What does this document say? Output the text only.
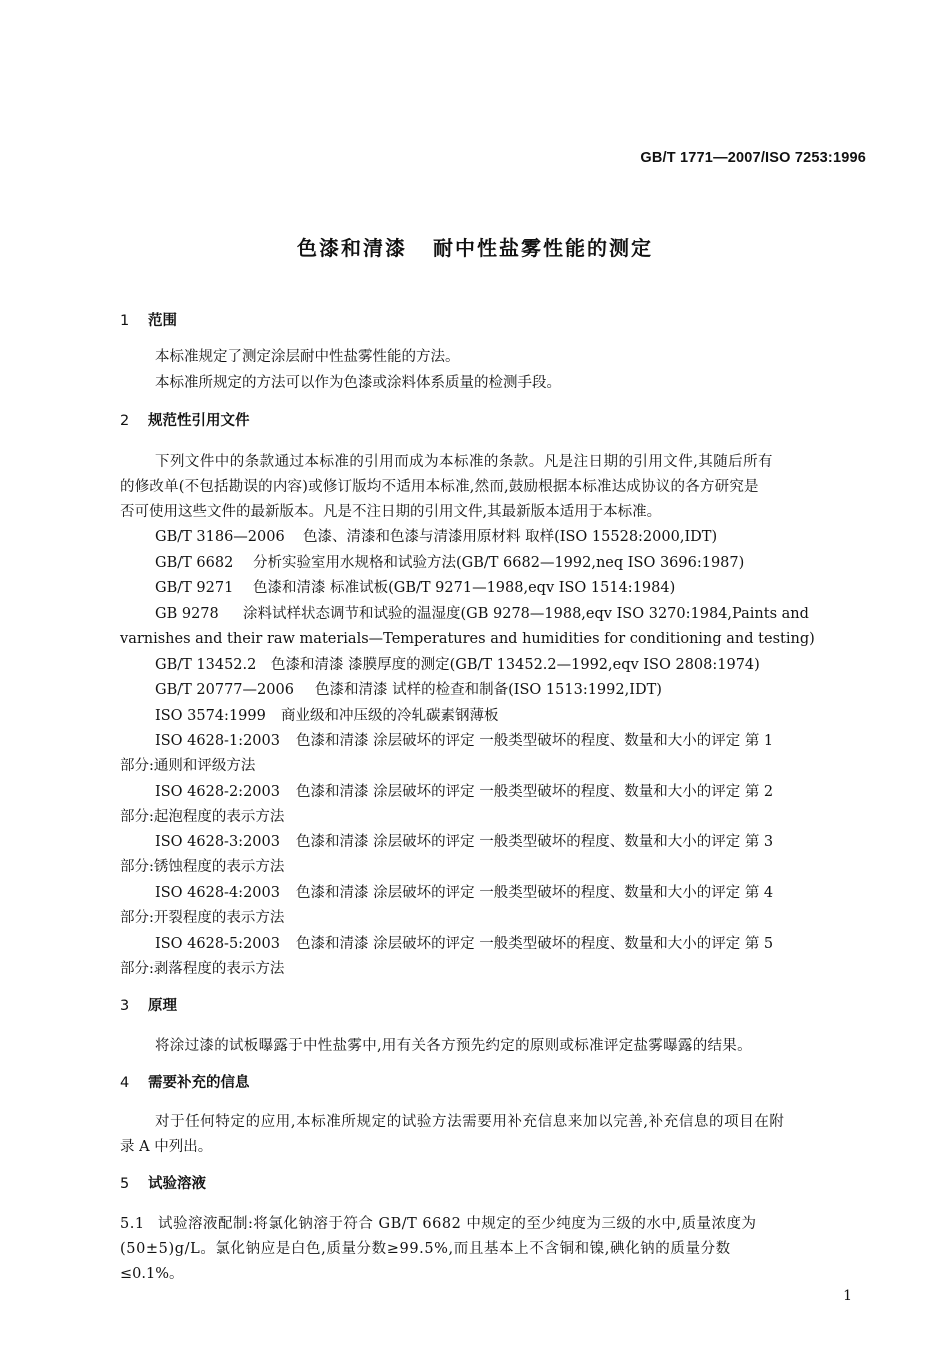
GB/T 1771—2007/ISO 7253:1996
色漆和清漆 耐中性盐雾性能的测定
1 范围
本标准规定了测定涂层耐中性盐雾性能的方法。
本标准所规定的方法可以作为色漆或涂料体系质量的检测手段。
2 规范性引用文件
下列文件中的条款通过本标准的引用而成为本标准的条款。凡是注日期的引用文件,其随后所有
的修改单(不包括勘误的内容)或修订版均不适用本标准,然而,鼓励根据本标准达成协议的各方研究是
否可使用这些文件的最新版本。凡是不注日期的引用文件,其最新版本适用于本标准。
GB/T 3186—2006 色漆、清漆和色漆与清漆用原材料 取样(ISO 15528:2000,IDT)
GB/T 6682 分析实验室用水规格和试验方法(GB/T 6682—1992,neq ISO 3696:1987)
GB/T 9271 色漆和清漆 标准试板(GB/T 9271—1988,eqv ISO 1514:1984)
GB 9278 涂料试样状态调节和试验的温湿度(GB 9278—1988,eqv ISO 3270:1984,Paints and
varnishes and their raw materials—Temperatures and humidities for conditioning and testing)
GB/T 13452.2 色漆和清漆 漆膜厚度的测定(GB/T 13452.2—1992,eqv ISO 2808:1974)
GB/T 20777—2006 色漆和清漆 试样的检查和制备(ISO 1513:1992,IDT)
ISO 3574:1999 商业级和冲压级的冷轧碳素钢薄板
ISO 4628-1:2003 色漆和清漆 涂层破坏的评定 一般类型破坏的程度、数量和大小的评定 第 1
部分:通则和评级方法
ISO 4628-2:2003 色漆和清漆 涂层破坏的评定 一般类型破坏的程度、数量和大小的评定 第 2
部分:起泡程度的表示方法
ISO 4628-3:2003 色漆和清漆 涂层破坏的评定 一般类型破坏的程度、数量和大小的评定 第 3
部分:锈蚀程度的表示方法
ISO 4628-4:2003 色漆和清漆 涂层破坏的评定 一般类型破坏的程度、数量和大小的评定 第 4
部分:开裂程度的表示方法
ISO 4628-5:2003 色漆和清漆 涂层破坏的评定 一般类型破坏的程度、数量和大小的评定 第 5
部分:剥落程度的表示方法
3 原理
将涂过漆的试板曝露于中性盐雾中,用有关各方预先约定的原则或标准评定盐雾曝露的结果。
4 需要补充的信息
对于任何特定的应用,本标准所规定的试验方法需要用补充信息来加以完善,补充信息的项目在附
录 A 中列出。
5 试验溶液
5.1 试验溶液配制:将氯化钠溶于符合 GB/T 6682 中规定的至少纯度为三级的水中,质量浓度为
(50±5)g/L。氯化钠应是白色,质量分数≥99.5%,而且基本上不含铜和镍,碘化钠的质量分数
≤0.1%。
1
